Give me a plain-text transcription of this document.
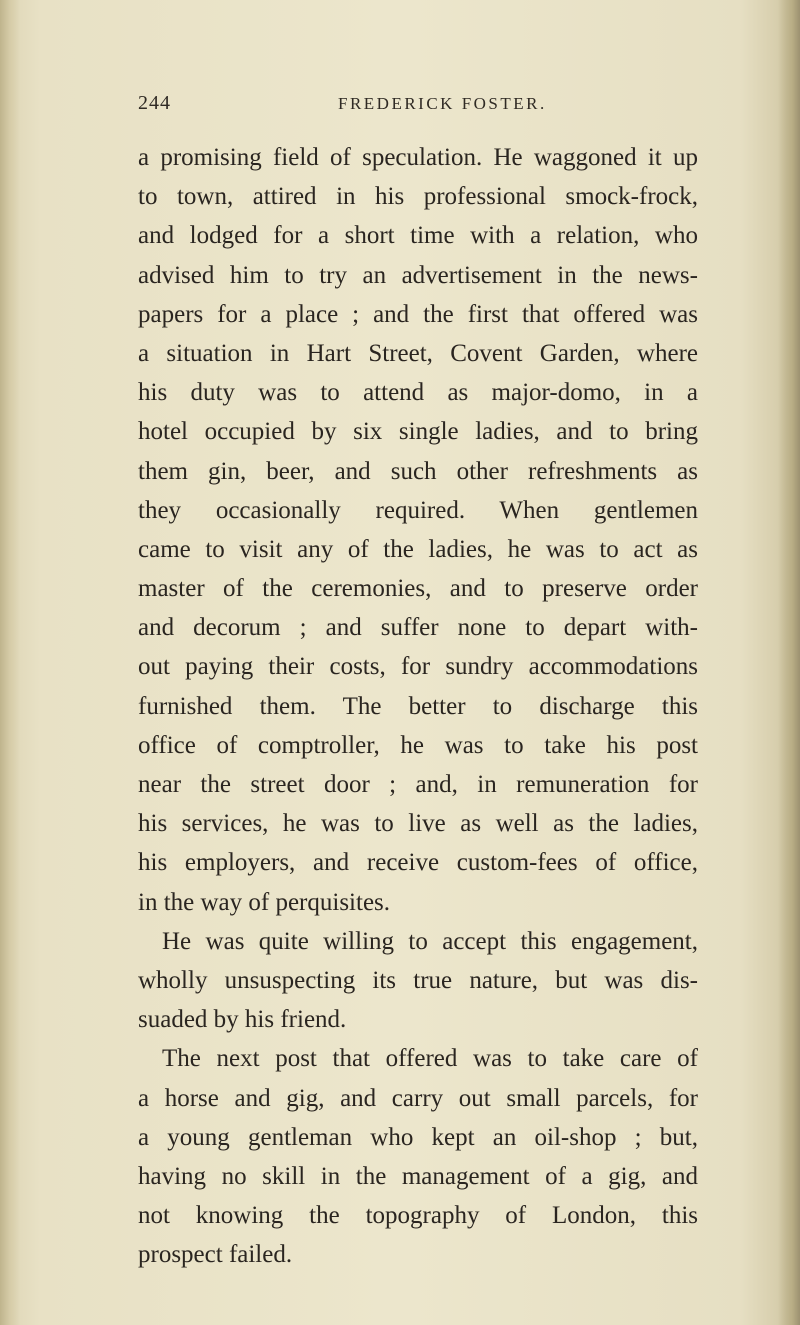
244	FREDERICK FOSTER.
a promising field of speculation. He waggoned it up
to town, attired in his professional smock-frock,
and lodged for a short time with a relation, who
advised him to try an advertisement in the news-
papers for a place ; and the first that offered was
a situation in Hart Street, Covent Garden, where
his duty was to attend as major-domo, in a
hotel occupied by six single ladies, and to bring
them gin, beer, and such other refreshments as
they occasionally required. When gentlemen
came to visit any of the ladies, he was to act as
master of the ceremonies, and to preserve order
and decorum ; and suffer none to depart with-
out paying their costs, for sundry accommodations
furnished them. The better to discharge this
office of comptroller, he was to take his post
near the street door ; and, in remuneration for
his services, he was to live as well as the ladies,
his employers, and receive custom-fees of office,
in the way of perquisites.
He was quite willing to accept this engagement,
wholly unsuspecting its true nature, but was dis-
suaded by his friend.
The next post that offered was to take care of
a horse and gig, and carry out small parcels, for
a young gentleman who kept an oil-shop ; but,
having no skill in the management of a gig, and
not knowing the topography of London, this
prospect failed.
